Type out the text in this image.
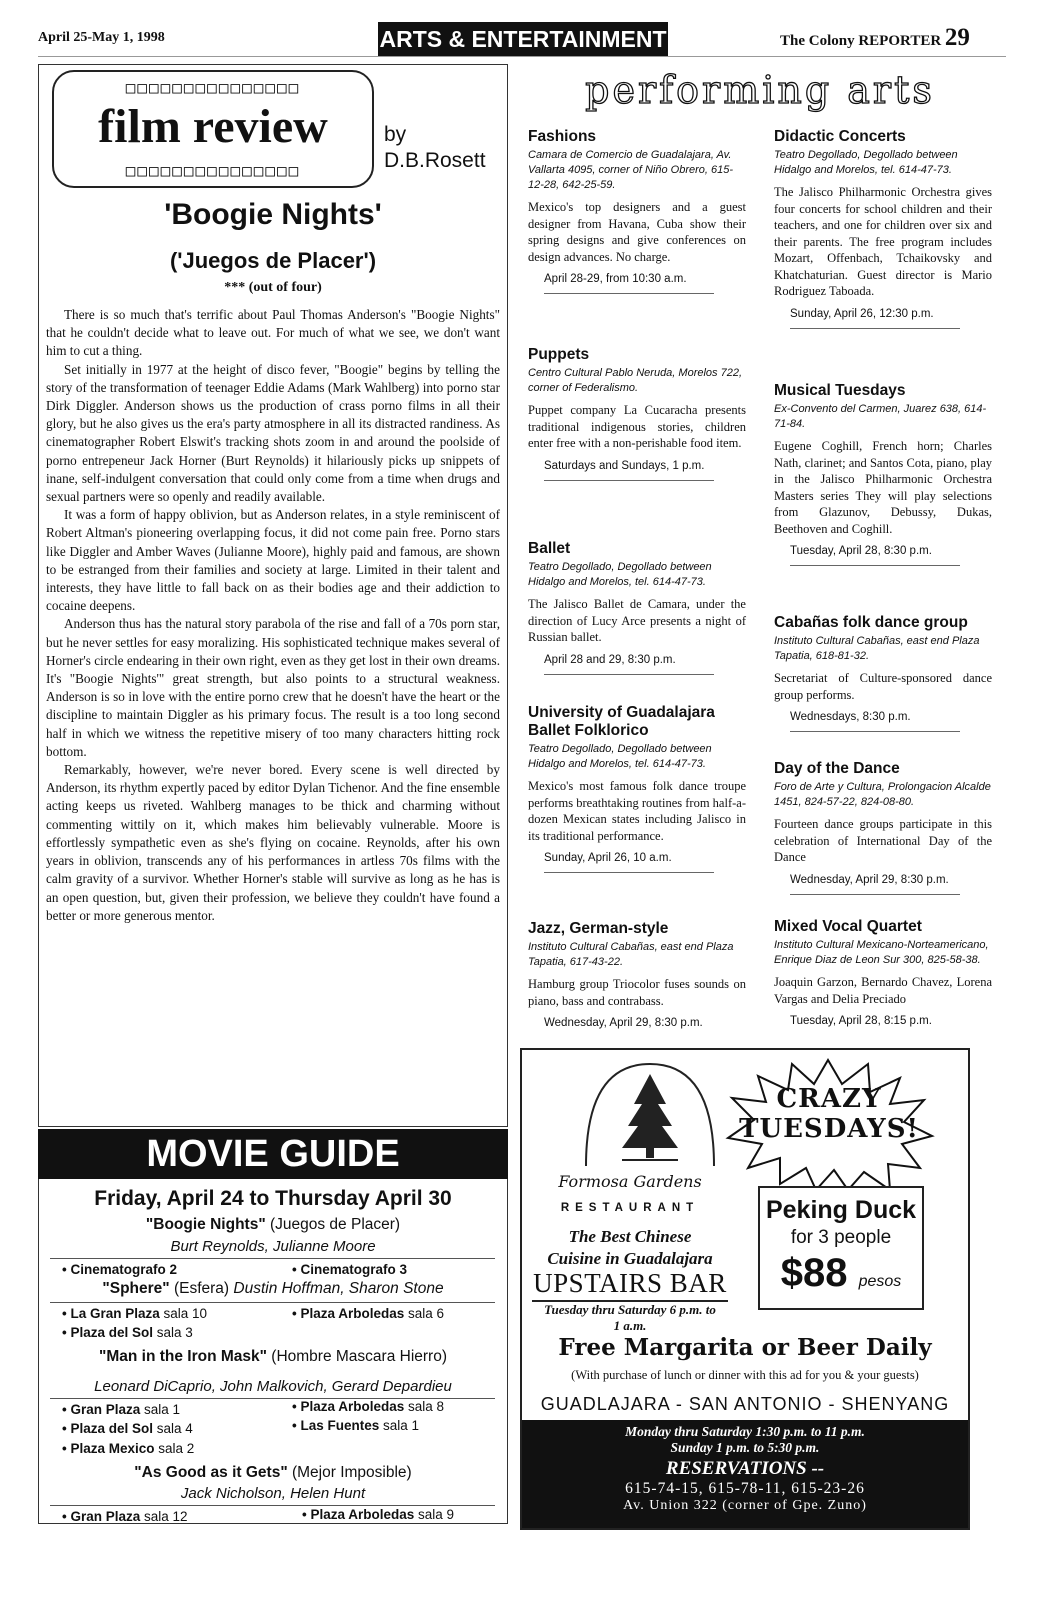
April 25-May 1, 1998	ARTS & ENTERTAINMENT	The Colony REPORTER 29
□□□□□□□□□□□□□□□
film review
□□□□□□□□□□□□□□□
by
D.B.Rosett
'Boogie Nights'
('Juegos de Placer')
*** (out of four)

There is so much that's terrific about Paul Thomas Anderson's "Boogie Nights" that he couldn't decide what to leave out. For much of what we see, we don't want him to cut a thing.

Set initially in 1977 at the height of disco fever, "Boogie" begins by telling the story of the transformation of teenager Eddie Adams (Mark Wahlberg) into porno star Dirk Diggler. Anderson shows us the production of crass porno films in all their glory, but he also gives us the era's party atmosphere in all its distracted randiness. As cinematographer Robert Elswit's tracking shots zoom in and around the poolside of porno entrepeneur Jack Horner (Burt Reynolds) it hilariously picks up snippets of inane, self-indulgent conversation that could only come from a time when drugs and sexual partners were so openly and readily available.

It was a form of happy oblivion, but as Anderson relates, in a style reminiscent of Robert Altman's pioneering overlapping focus, it did not come pain free. Porno stars like Diggler and Amber Waves (Julianne Moore), highly paid and famous, are shown to be estranged from their families and society at large. Limited in their talent and interests, they have little to fall back on as their bodies age and their addiction to cocaine deepens.

Anderson thus has the natural story parabola of the rise and fall of a 70s porn star, but he never settles for easy moralizing. His sophisticated technique makes several of Horner's circle endearing in their own right, even as they get lost in their own dreams. It's "Boogie Nights'" great strength, but also points to a structural weakness. Anderson is so in love with the entire porno crew that he doesn't have the heart or the discipline to maintain Diggler as his primary focus. The result is a too long second half in which we witness the repetitive misery of too many characters hitting rock bottom.

Remarkably, however, we're never bored. Every scene is well directed by Anderson, its rhythm expertly paced by editor Dylan Tichenor. And the fine ensemble acting keeps us riveted. Wahlberg manages to be thick and charming without commenting wittily on it, which makes him believably vulnerable. Moore is effortlessly sympathetic even as she's flying on cocaine. Reynolds, after his own years in oblivion, transcends any of his performances in artless 70s films with the calm gravity of a survivor. Whether Horner's stable will survive as long as he has is an open question, but, given their profession, we believe they couldn't have found a better or more generous mentor.

MOVIE GUIDE
Friday, April 24 to Thursday April 30
"Boogie Nights" (Juegos de Placer)
Burt Reynolds, Julianne Moore
• Cinematografo 2	• Cinematografo 3
"Sphere" (Esfera) Dustin Hoffman, Sharon Stone
• La Gran Plaza sala 10	• Plaza Arboledas sala 6
• Plaza del Sol sala 3
"Man in the Iron Mask" (Hombre Mascara Hierro)
Leonard DiCaprio, John Malkovich, Gerard Depardieu
• Gran Plaza sala 1	• Plaza Arboledas sala 8
• Plaza del Sol sala 4	• Las Fuentes sala 1
• Plaza Mexico sala 2
"As Good as it Gets" (Mejor Imposible)
Jack Nicholson, Helen Hunt
• Gran Plaza sala 12	• Plaza Arboledas sala 9
performing arts
Fashions
Camara de Comercio de Guadalajara, Av. Vallarta 4095, corner of Niño Obrero, 615-12-28, 642-25-59.
Mexico's top designers and a guest designer from Havana, Cuba show their spring designs and give conferences on design advances. No charge.
April 28-29, from 10:30 a.m.
Puppets
Centro Cultural Pablo Neruda, Morelos 722, corner of Federalismo.
Puppet company La Cucaracha presents traditional indigenous stories, children enter free with a non-perishable food item.
Saturdays and Sundays, 1 p.m.
Ballet
Teatro Degollado, Degollado between Hidalgo and Morelos, tel. 614-47-73.
The Jalisco Ballet de Camara, under the direction of Lucy Arce presents a night of Russian ballet.
April 28 and 29, 8:30 p.m.
University of Guadalajara Ballet Folklorico
Teatro Degollado, Degollado between Hidalgo and Morelos, tel. 614-47-73.
Mexico's most famous folk dance troupe performs breathtaking routines from half-a-dozen Mexican states including Jalisco in its traditional performance.
Sunday, April 26, 10 a.m.
Jazz, German-style
Instituto Cultural Cabañas, east end Plaza Tapatia, 617-43-22.
Hamburg group Triocolor fuses sounds on piano, bass and contrabass.
Wednesday, April 29, 8:30 p.m.
Didactic Concerts
Teatro Degollado, Degollado between Hidalgo and Morelos, tel. 614-47-73.
The Jalisco Philharmonic Orchestra gives four concerts for school children and their teachers, and one for children over six and their parents. The free program includes Mozart, Offenbach, Tchaikovsky and Khatchaturian. Guest director is Mario Rodriguez Taboada.
Sunday, April 26, 12:30 p.m.
Musical Tuesdays
Ex-Convento del Carmen, Juarez 638, 614-71-84.
Eugene Coghill, French horn; Charles Nath, clarinet; and Santos Cota, piano, play in the Jalisco Philharmonic Orchestra Masters series They will play selections from Glazunov, Debussy, Dukas, Beethoven and Coghill.
Tuesday, April 28, 8:30 p.m.
Cabañas folk dance group
Instituto Cultural Cabañas, east end Plaza Tapatia, 618-81-32.
Secretariat of Culture-sponsored dance group performs.
Wednesdays, 8:30 p.m.
Day of the Dance
Foro de Arte y Cultura, Prolongacion Alcalde 1451, 824-57-22, 824-08-80.
Fourteen dance groups participate in this celebration of International Day of the Dance
Wednesday, April 29, 8:30 p.m.
Mixed Vocal Quartet
Instituto Cultural Mexicano-Norteamericano, Enrique Diaz de Leon Sur 300, 825-58-38.
Joaquin Garzon, Bernardo Chavez, Lorena Vargas and Delia Preciado
Tuesday, April 28, 8:15 p.m.
Formosa Gardens
RESTAURANT
The Best Chinese Cuisine in Guadalajara
UPSTAIRS BAR
Tuesday thru Saturday 6 p.m. to 1 a.m.
CRAZY TUESDAYS!
Peking Duck
for 3 people
$88 pesos
Free Margarita or Beer Daily
(With purchase of lunch or dinner with this ad for you & your guests)
GUADLAJARA - SAN ANTONIO - SHENYANG
Monday thru Saturday 1:30 p.m. to 11 p.m.
Sunday 1 p.m. to 5:30 p.m.
RESERVATIONS --
615-74-15, 615-78-11, 615-23-26
Av. Union 322 (corner of Gpe. Zuno)
